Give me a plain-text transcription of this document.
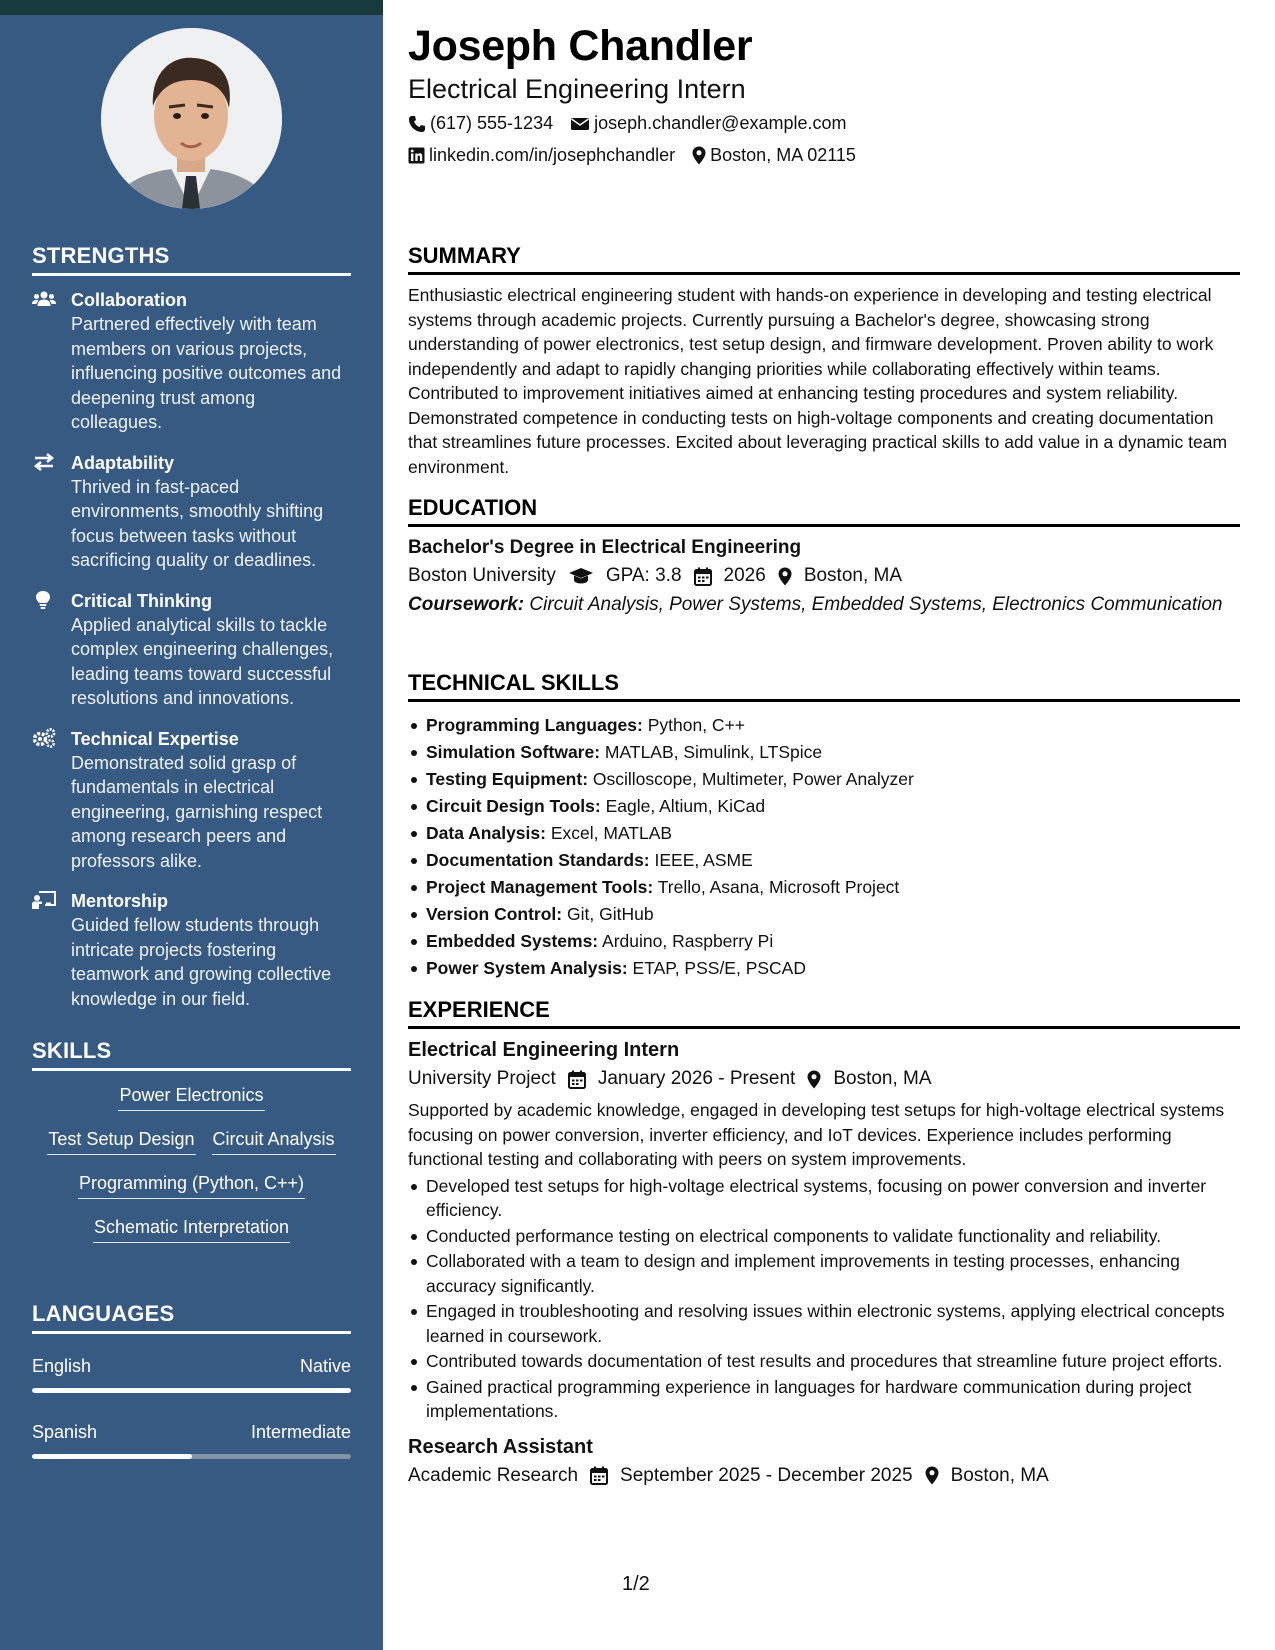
STRENGTHS
Collaboration
Partnered effectively with team members on various projects, influencing positive outcomes and deepening trust among colleagues.
Adaptability
Thrived in fast-paced environments, smoothly shifting focus between tasks without sacrificing quality or deadlines.
Critical Thinking
Applied analytical skills to tackle complex engineering challenges, leading teams toward successful resolutions and innovations.
Technical Expertise
Demonstrated solid grasp of fundamentals in electrical engineering, garnishing respect among research peers and professors alike.
Mentorship
Guided fellow students through intricate projects fostering teamwork and growing collective knowledge in our field.
SKILLS
Power Electronics
Test Setup Design Circuit Analysis
Programming (Python, C++)
Schematic Interpretation
LANGUAGES
English	Native
Spanish	Intermediate
Joseph Chandler
Electrical Engineering Intern
(617) 555-1234 joseph.chandler@example.com
linkedin.com/in/josephchandler Boston, MA 02115
SUMMARY
Enthusiastic electrical engineering student with hands-on experience in developing and testing electrical systems through academic projects. Currently pursuing a Bachelor's degree, showcasing strong understanding of power electronics, test setup design, and firmware development. Proven ability to work independently and adapt to rapidly changing priorities while collaborating effectively within teams. Contributed to improvement initiatives aimed at enhancing testing procedures and system reliability. Demonstrated competence in conducting tests on high-voltage components and creating documentation that streamlines future processes. Excited about leveraging practical skills to add value in a dynamic team environment.
EDUCATION
Bachelor's Degree in Electrical Engineering
Boston University	GPA: 3.8 2026 Boston, MA
Coursework: Circuit Analysis, Power Systems, Embedded Systems, Electronics Communication
TECHNICAL SKILLS
Programming Languages: Python, C++
Simulation Software: MATLAB, Simulink, LTSpice
Testing Equipment: Oscilloscope, Multimeter, Power Analyzer
Circuit Design Tools: Eagle, Altium, KiCad
Data Analysis: Excel, MATLAB
Documentation Standards: IEEE, ASME
Project Management Tools: Trello, Asana, Microsoft Project
Version Control: Git, GitHub
Embedded Systems: Arduino, Raspberry Pi
Power System Analysis: ETAP, PSS/E, PSCAD
EXPERIENCE
Electrical Engineering Intern
University Project January 2026 - Present Boston, MA
Supported by academic knowledge, engaged in developing test setups for high-voltage electrical systems focusing on power conversion, inverter efficiency, and IoT devices. Experience includes performing functional testing and collaborating with peers on system improvements.
Developed test setups for high-voltage electrical systems, focusing on power conversion and inverter efficiency.
Conducted performance testing on electrical components to validate functionality and reliability.
Collaborated with a team to design and implement improvements in testing processes, enhancing accuracy significantly.
Engaged in troubleshooting and resolving issues within electronic systems, applying electrical concepts learned in coursework.
Contributed towards documentation of test results and procedures that streamline future project efforts.
Gained practical programming experience in languages for hardware communication during project implementations.
Research Assistant
Academic Research September 2025 - December 2025 Boston, MA
1/2
